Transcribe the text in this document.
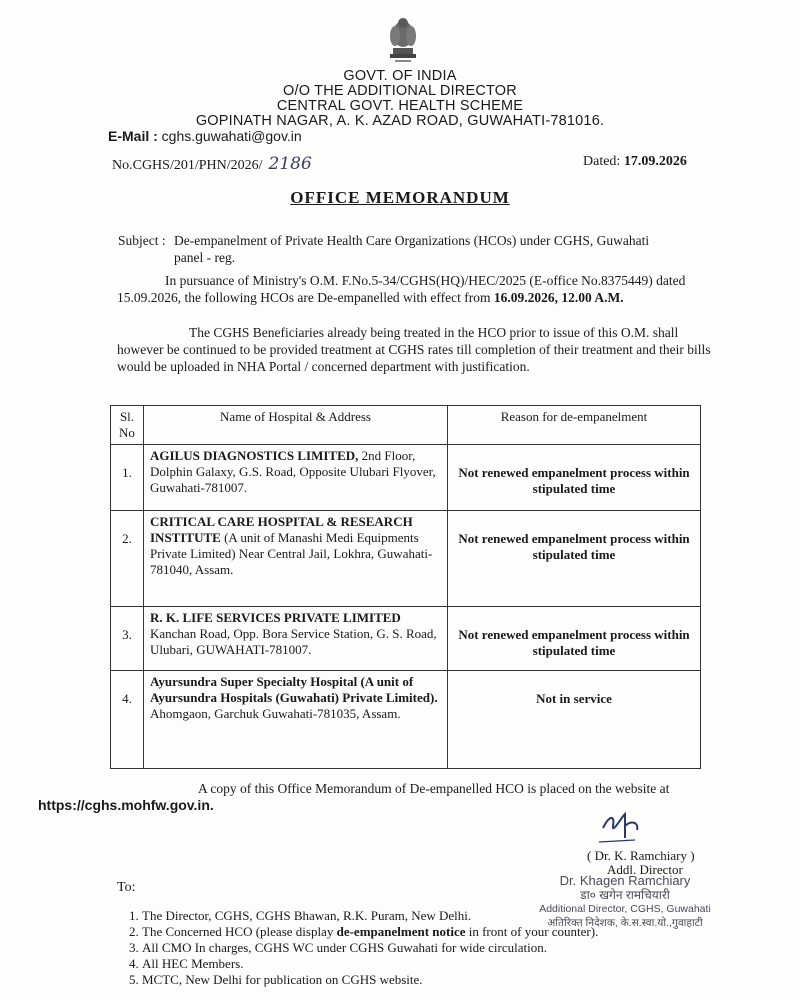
GOVT. OF INDIA
O/O THE ADDITIONAL DIRECTOR
CENTRAL GOVT. HEALTH SCHEME
GOPINATH NAGAR, A. K. AZAD ROAD, GUWAHATI-781016.
E-Mail : cghs.guwahati@gov.in
No.CGHS/201/PHN/2026/ 2186	Dated: 17.09.2026
OFFICE MEMORANDUM
Subject : De-empanelment of Private Health Care Organizations (HCOs) under CGHS, Guwahati
panel - reg.
In pursuance of Ministry's O.M. F.No.5-34/CGHS(HQ)/HEC/2025 (E-office No.8375449) dated 15.09.2026, the following HCOs are De-empanelled with effect from 16.09.2026, 12.00 A.M.
The CGHS Beneficiaries already being treated in the HCO prior to issue of this O.M. shall however be continued to be provided treatment at CGHS rates till completion of their treatment and their bills would be uploaded in NHA Portal / concerned department with justification.
Sl. No	Name of Hospital & Address	Reason for de-empanelment
1.	AGILUS DIAGNOSTICS LIMITED, 2nd Floor, Dolphin Galaxy, G.S. Road, Opposite Ulubari Flyover, Guwahati-781007.	Not renewed empanelment process within stipulated time
2.	CRITICAL CARE HOSPITAL & RESEARCH INSTITUTE (A unit of Manashi Medi Equipments Private Limited) Near Central Jail, Lokhra, Guwahati-781040, Assam.	Not renewed empanelment process within stipulated time
3.	R. K. LIFE SERVICES PRIVATE LIMITED
Kanchan Road, Opp. Bora Service Station, G. S. Road, Ulubari, GUWAHATI-781007.	Not renewed empanelment process within stipulated time
4.	Ayursundra Super Specialty Hospital (A unit of Ayursundra Hospitals (Guwahati) Private Limited).
Ahomgaon, Garchuk Guwahati-781035, Assam.	Not in service
A copy of this Office Memorandum of De-empanelled HCO is placed on the website at
https://cghs.mohfw.gov.in.
( Dr. K. Ramchiary )
Addl. Director
Dr. Khagen Ramchiary
डा० खगेन रामचियारी
Additional Director, CGHS, Guwahati
अतिरिक्त निदेशक, के.स.स्वा.यो.,गुवाहाटी
To:
1. The Director, CGHS, CGHS Bhawan, R.K. Puram, New Delhi.
2. The Concerned HCO (please display de-empanelment notice in front of your counter).
3. All CMO In charges, CGHS WC under CGHS Guwahati for wide circulation.
4. All HEC Members.
5. MCTC, New Delhi for publication on CGHS website.
